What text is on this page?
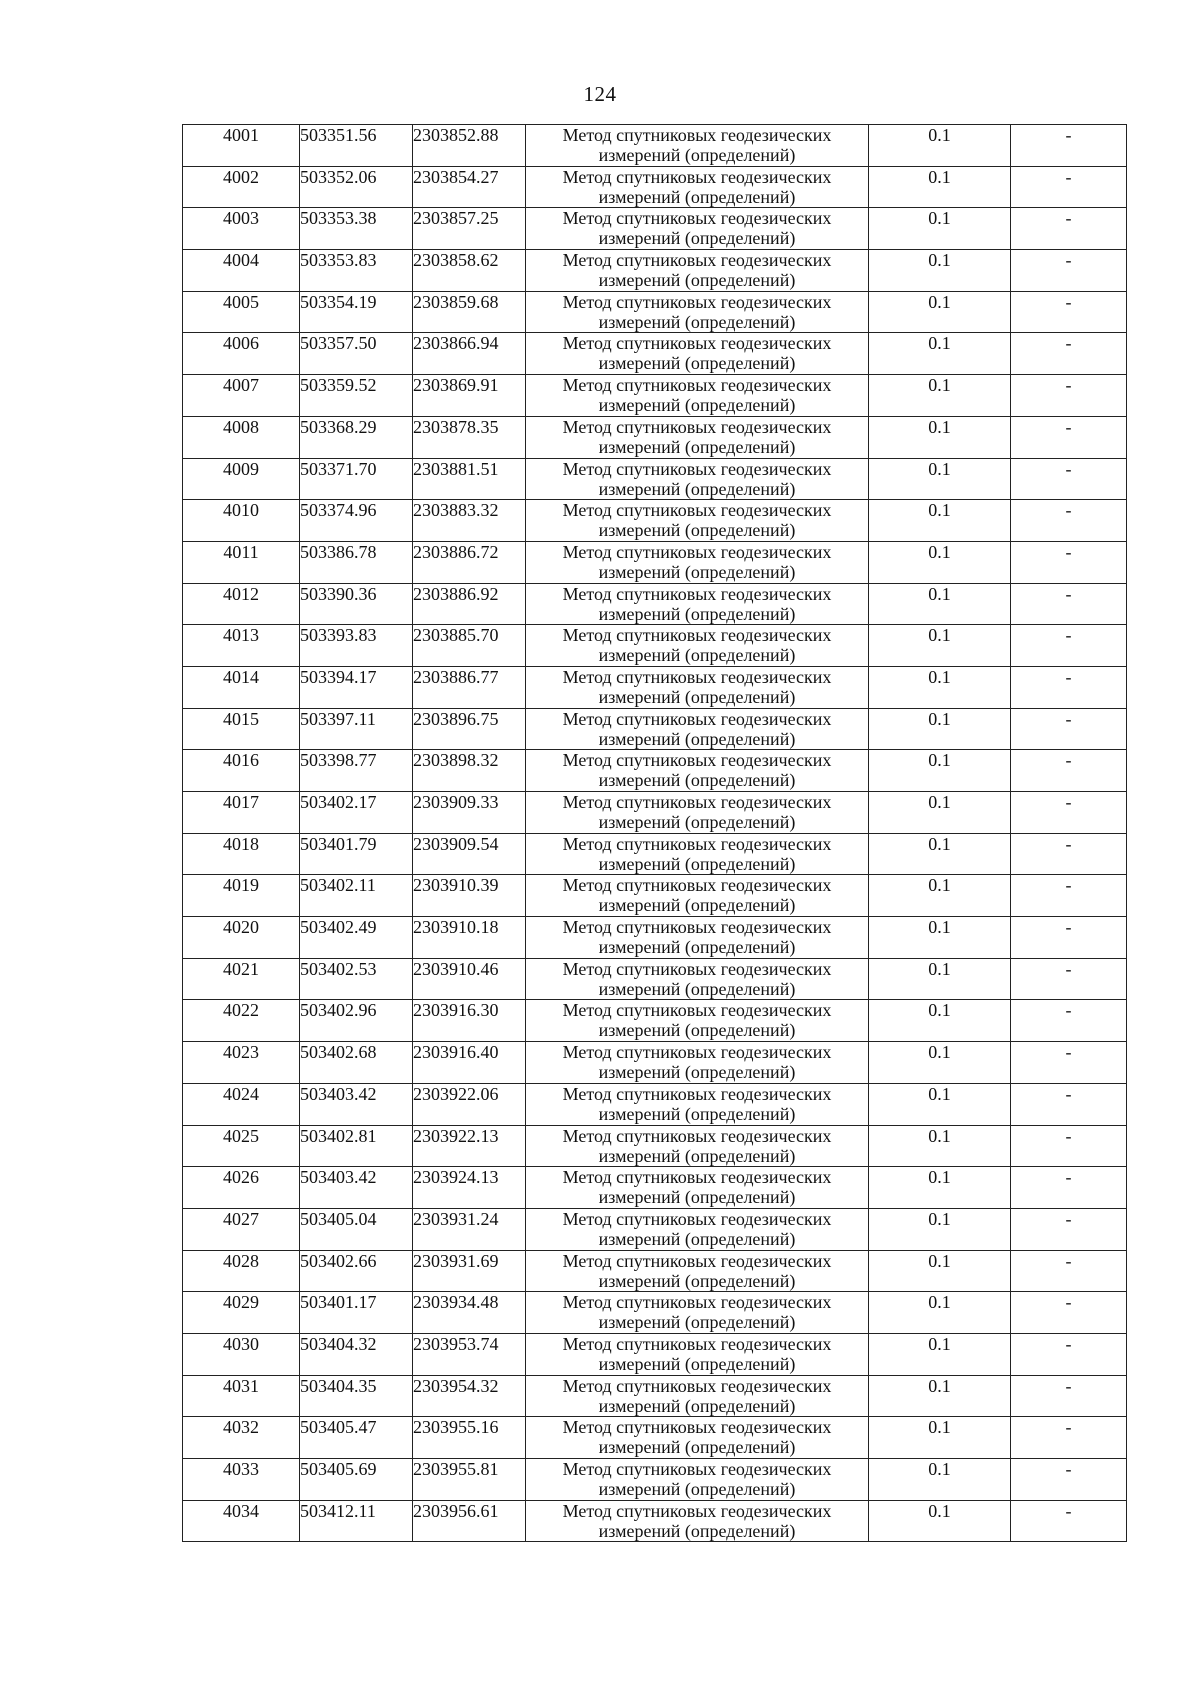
124
4001	503351.56	2303852.88	Метод спутниковых геодезических измерений (определений)	0.1	-
4002	503352.06	2303854.27	Метод спутниковых геодезических измерений (определений)	0.1	-
4003	503353.38	2303857.25	Метод спутниковых геодезических измерений (определений)	0.1	-
4004	503353.83	2303858.62	Метод спутниковых геодезических измерений (определений)	0.1	-
4005	503354.19	2303859.68	Метод спутниковых геодезических измерений (определений)	0.1	-
4006	503357.50	2303866.94	Метод спутниковых геодезических измерений (определений)	0.1	-
4007	503359.52	2303869.91	Метод спутниковых геодезических измерений (определений)	0.1	-
4008	503368.29	2303878.35	Метод спутниковых геодезических измерений (определений)	0.1	-
4009	503371.70	2303881.51	Метод спутниковых геодезических измерений (определений)	0.1	-
4010	503374.96	2303883.32	Метод спутниковых геодезических измерений (определений)	0.1	-
4011	503386.78	2303886.72	Метод спутниковых геодезических измерений (определений)	0.1	-
4012	503390.36	2303886.92	Метод спутниковых геодезических измерений (определений)	0.1	-
4013	503393.83	2303885.70	Метод спутниковых геодезических измерений (определений)	0.1	-
4014	503394.17	2303886.77	Метод спутниковых геодезических измерений (определений)	0.1	-
4015	503397.11	2303896.75	Метод спутниковых геодезических измерений (определений)	0.1	-
4016	503398.77	2303898.32	Метод спутниковых геодезических измерений (определений)	0.1	-
4017	503402.17	2303909.33	Метод спутниковых геодезических измерений (определений)	0.1	-
4018	503401.79	2303909.54	Метод спутниковых геодезических измерений (определений)	0.1	-
4019	503402.11	2303910.39	Метод спутниковых геодезических измерений (определений)	0.1	-
4020	503402.49	2303910.18	Метод спутниковых геодезических измерений (определений)	0.1	-
4021	503402.53	2303910.46	Метод спутниковых геодезических измерений (определений)	0.1	-
4022	503402.96	2303916.30	Метод спутниковых геодезических измерений (определений)	0.1	-
4023	503402.68	2303916.40	Метод спутниковых геодезических измерений (определений)	0.1	-
4024	503403.42	2303922.06	Метод спутниковых геодезических измерений (определений)	0.1	-
4025	503402.81	2303922.13	Метод спутниковых геодезических измерений (определений)	0.1	-
4026	503403.42	2303924.13	Метод спутниковых геодезических измерений (определений)	0.1	-
4027	503405.04	2303931.24	Метод спутниковых геодезических измерений (определений)	0.1	-
4028	503402.66	2303931.69	Метод спутниковых геодезических измерений (определений)	0.1	-
4029	503401.17	2303934.48	Метод спутниковых геодезических измерений (определений)	0.1	-
4030	503404.32	2303953.74	Метод спутниковых геодезических измерений (определений)	0.1	-
4031	503404.35	2303954.32	Метод спутниковых геодезических измерений (определений)	0.1	-
4032	503405.47	2303955.16	Метод спутниковых геодезических измерений (определений)	0.1	-
4033	503405.69	2303955.81	Метод спутниковых геодезических измерений (определений)	0.1	-
4034	503412.11	2303956.61	Метод спутниковых геодезических измерений (определений)	0.1	-
